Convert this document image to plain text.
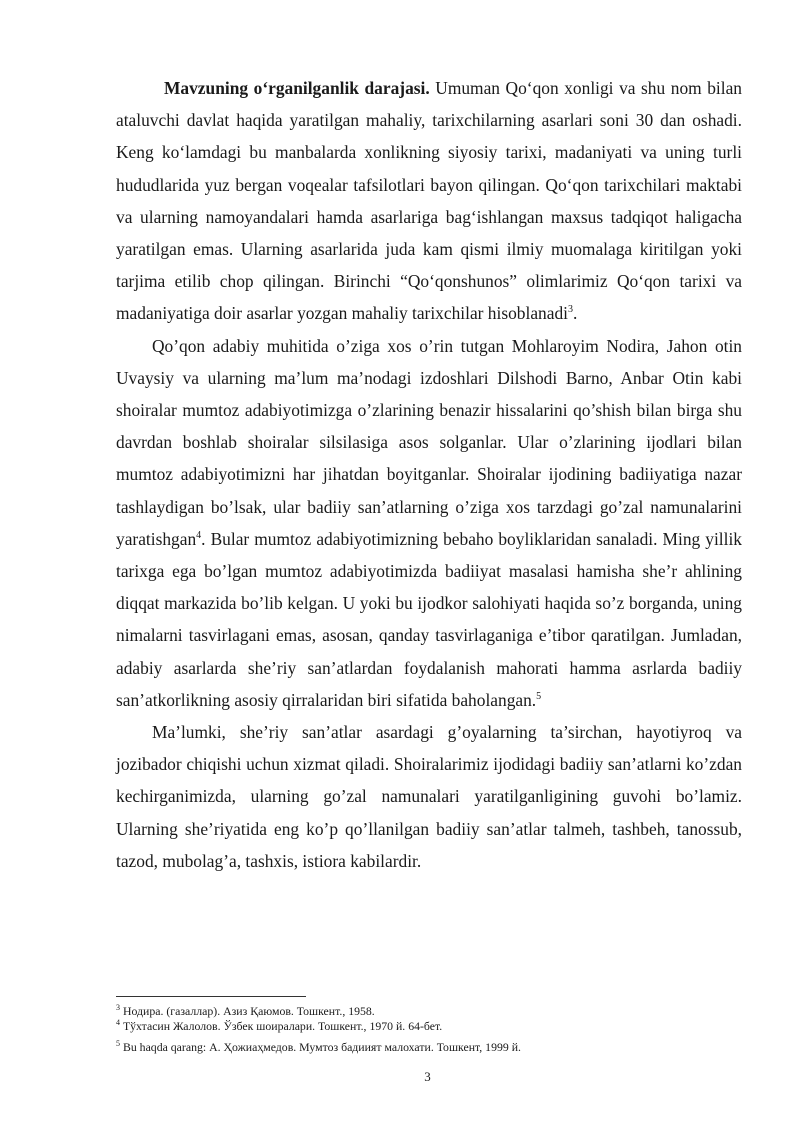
Mavzuning o‘rganilganlik darajasi. Umuman Qo‘qon xonligi va shu nom bilan ataluvchi davlat haqida yaratilgan mahaliy, tarixchilarning asarlari soni 30 dan oshadi. Keng ko‘lamdagi bu manbalarda xonlikning siyosiy tarixi, madaniyati va uning turli hududlarida yuz bergan voqealar tafsilotlari bayon qilingan. Qo‘qon tarixchilari maktabi va ularning namoyandalari hamda asarlariga bag‘ishlangan maxsus tadqiqot haligacha yaratilgan emas. Ularning asarlarida juda kam qismi ilmiy muomalaga kiritilgan yoki tarjima etilib chop qilingan. Birinchi “Qo‘qonshunos” olimlarimiz Qo‘qon tarixi va madaniyatiga doir asarlar yozgan mahaliy tarixchilar hisoblanadi$^3$.

Qo’qon adabiy muhitida o’ziga xos o’rin tutgan Mohlaroyim Nodira, Jahon otin Uvaysiy va ularning ma’lum ma’nodagi izdoshlari Dilshodi Barno, Anbar Otin kabi shoiralar mumtoz adabiyotimizga o’zlarining benazir hissalarini qo’shish bilan birga shu davrdan boshlab shoiralar silsilasiga asos solganlar. Ular o’zlarining ijodlari bilan mumtoz adabiyotimizni har jihatdan boyitganlar. Shoiralar ijodining badiiyatiga nazar tashlaydigan bo’lsak, ular badiiy san’atlarning o’ziga xos tarzdagi go’zal namunalarini yaratishgan$^4$. Bular mumtoz adabiyotimizning bebaho boyliklaridan sanaladi. Ming yillik tarixga ega bo’lgan mumtoz adabiyotimizda badiiyat masalasi hamisha she’r ahlining diqqat markazida bo’lib kelgan. U yoki bu ijodkor salohiyati haqida so’z borganda, uning nimalarni tasvirlagani emas, asosan, qanday tasvirlaganiga e’tibor qaratilgan. Jumladan, adabiy asarlarda she’riy san’atlardan foydalanish mahorati hamma asrlarda badiiy san’atkorlikning asosiy qirralaridan biri sifatida baholangan.$^5$

Ma’lumki, she’riy san’atlar asardagi g’oyalarning ta’sirchan, hayotiyroq va jozibador chiqishi uchun xizmat qiladi. Shoiralarimiz ijodidagi badiiy san’atlarni ko’zdan kechirganimizda, ularning go’zal namunalari yaratilganligining guvohi bo’lamiz. Ularning she’riyatida eng ko’p qo’llanilgan badiiy san’atlar talmeh, tashbeh, tanossub, tazod, mubolag’a, tashxis, istiora kabilardir.

$^3$ Нодира. (газаллар). Азиз Қаюмов. Тошкент., 1958.

$^4$ Тўхтасин Жалолов. Ўзбек шоиралари. Тошкент., 1970 й. 64-бет.

$^5$ Bu haqda qarang: А. Ҳожиаҳмедов. Мумтоз бадиият малохати. Тошкент, 1999 й.

3
